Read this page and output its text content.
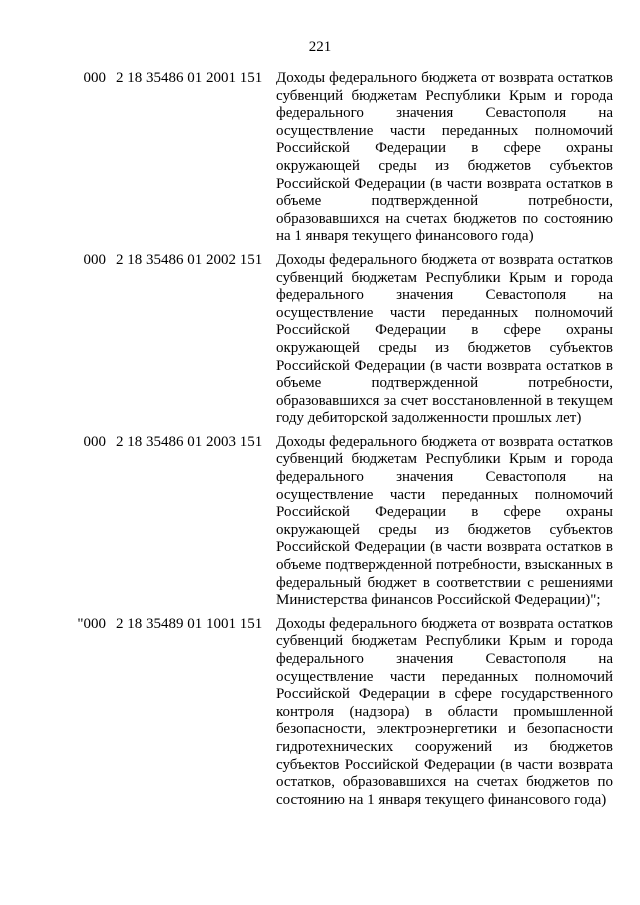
221
000 2 18 35486 01 2001 151 Доходы федерального бюджета от возврата остатков субвенций бюджетам Республики Крым и города федерального значения Севастополя на осуществление части переданных полномочий Российской Федерации в сфере охраны окружающей среды из бюджетов субъектов Российской Федерации (в части возврата остатков в объеме подтвержденной потребности, образовавшихся на счетах бюджетов по состоянию на 1 января текущего финансового года)
000 2 18 35486 01 2002 151 Доходы федерального бюджета от возврата остатков субвенций бюджетам Республики Крым и города федерального значения Севастополя на осуществление части переданных полномочий Российской Федерации в сфере охраны окружающей среды из бюджетов субъектов Российской Федерации (в части возврата остатков в объеме подтвержденной потребности, образовавшихся за счет восстановленной в текущем году дебиторской задолженности прошлых лет)
000 2 18 35486 01 2003 151 Доходы федерального бюджета от возврата остатков субвенций бюджетам Республики Крым и города федерального значения Севастополя на осуществление части переданных полномочий Российской Федерации в сфере охраны окружающей среды из бюджетов субъектов Российской Федерации (в части возврата остатков в объеме подтвержденной потребности, взысканных в федеральный бюджет в соответствии с решениями Министерства финансов Российской Федерации)";
"000 2 18 35489 01 1001 151 Доходы федерального бюджета от возврата остатков субвенций бюджетам Республики Крым и города федерального значения Севастополя на осуществление части переданных полномочий Российской Федерации в сфере государственного контроля (надзора) в области промышленной безопасности, электроэнергетики и безопасности гидротехнических сооружений из бюджетов субъектов Российской Федерации (в части возврата остатков, образовавшихся на счетах бюджетов по состоянию на 1 января текущего финансового года)
